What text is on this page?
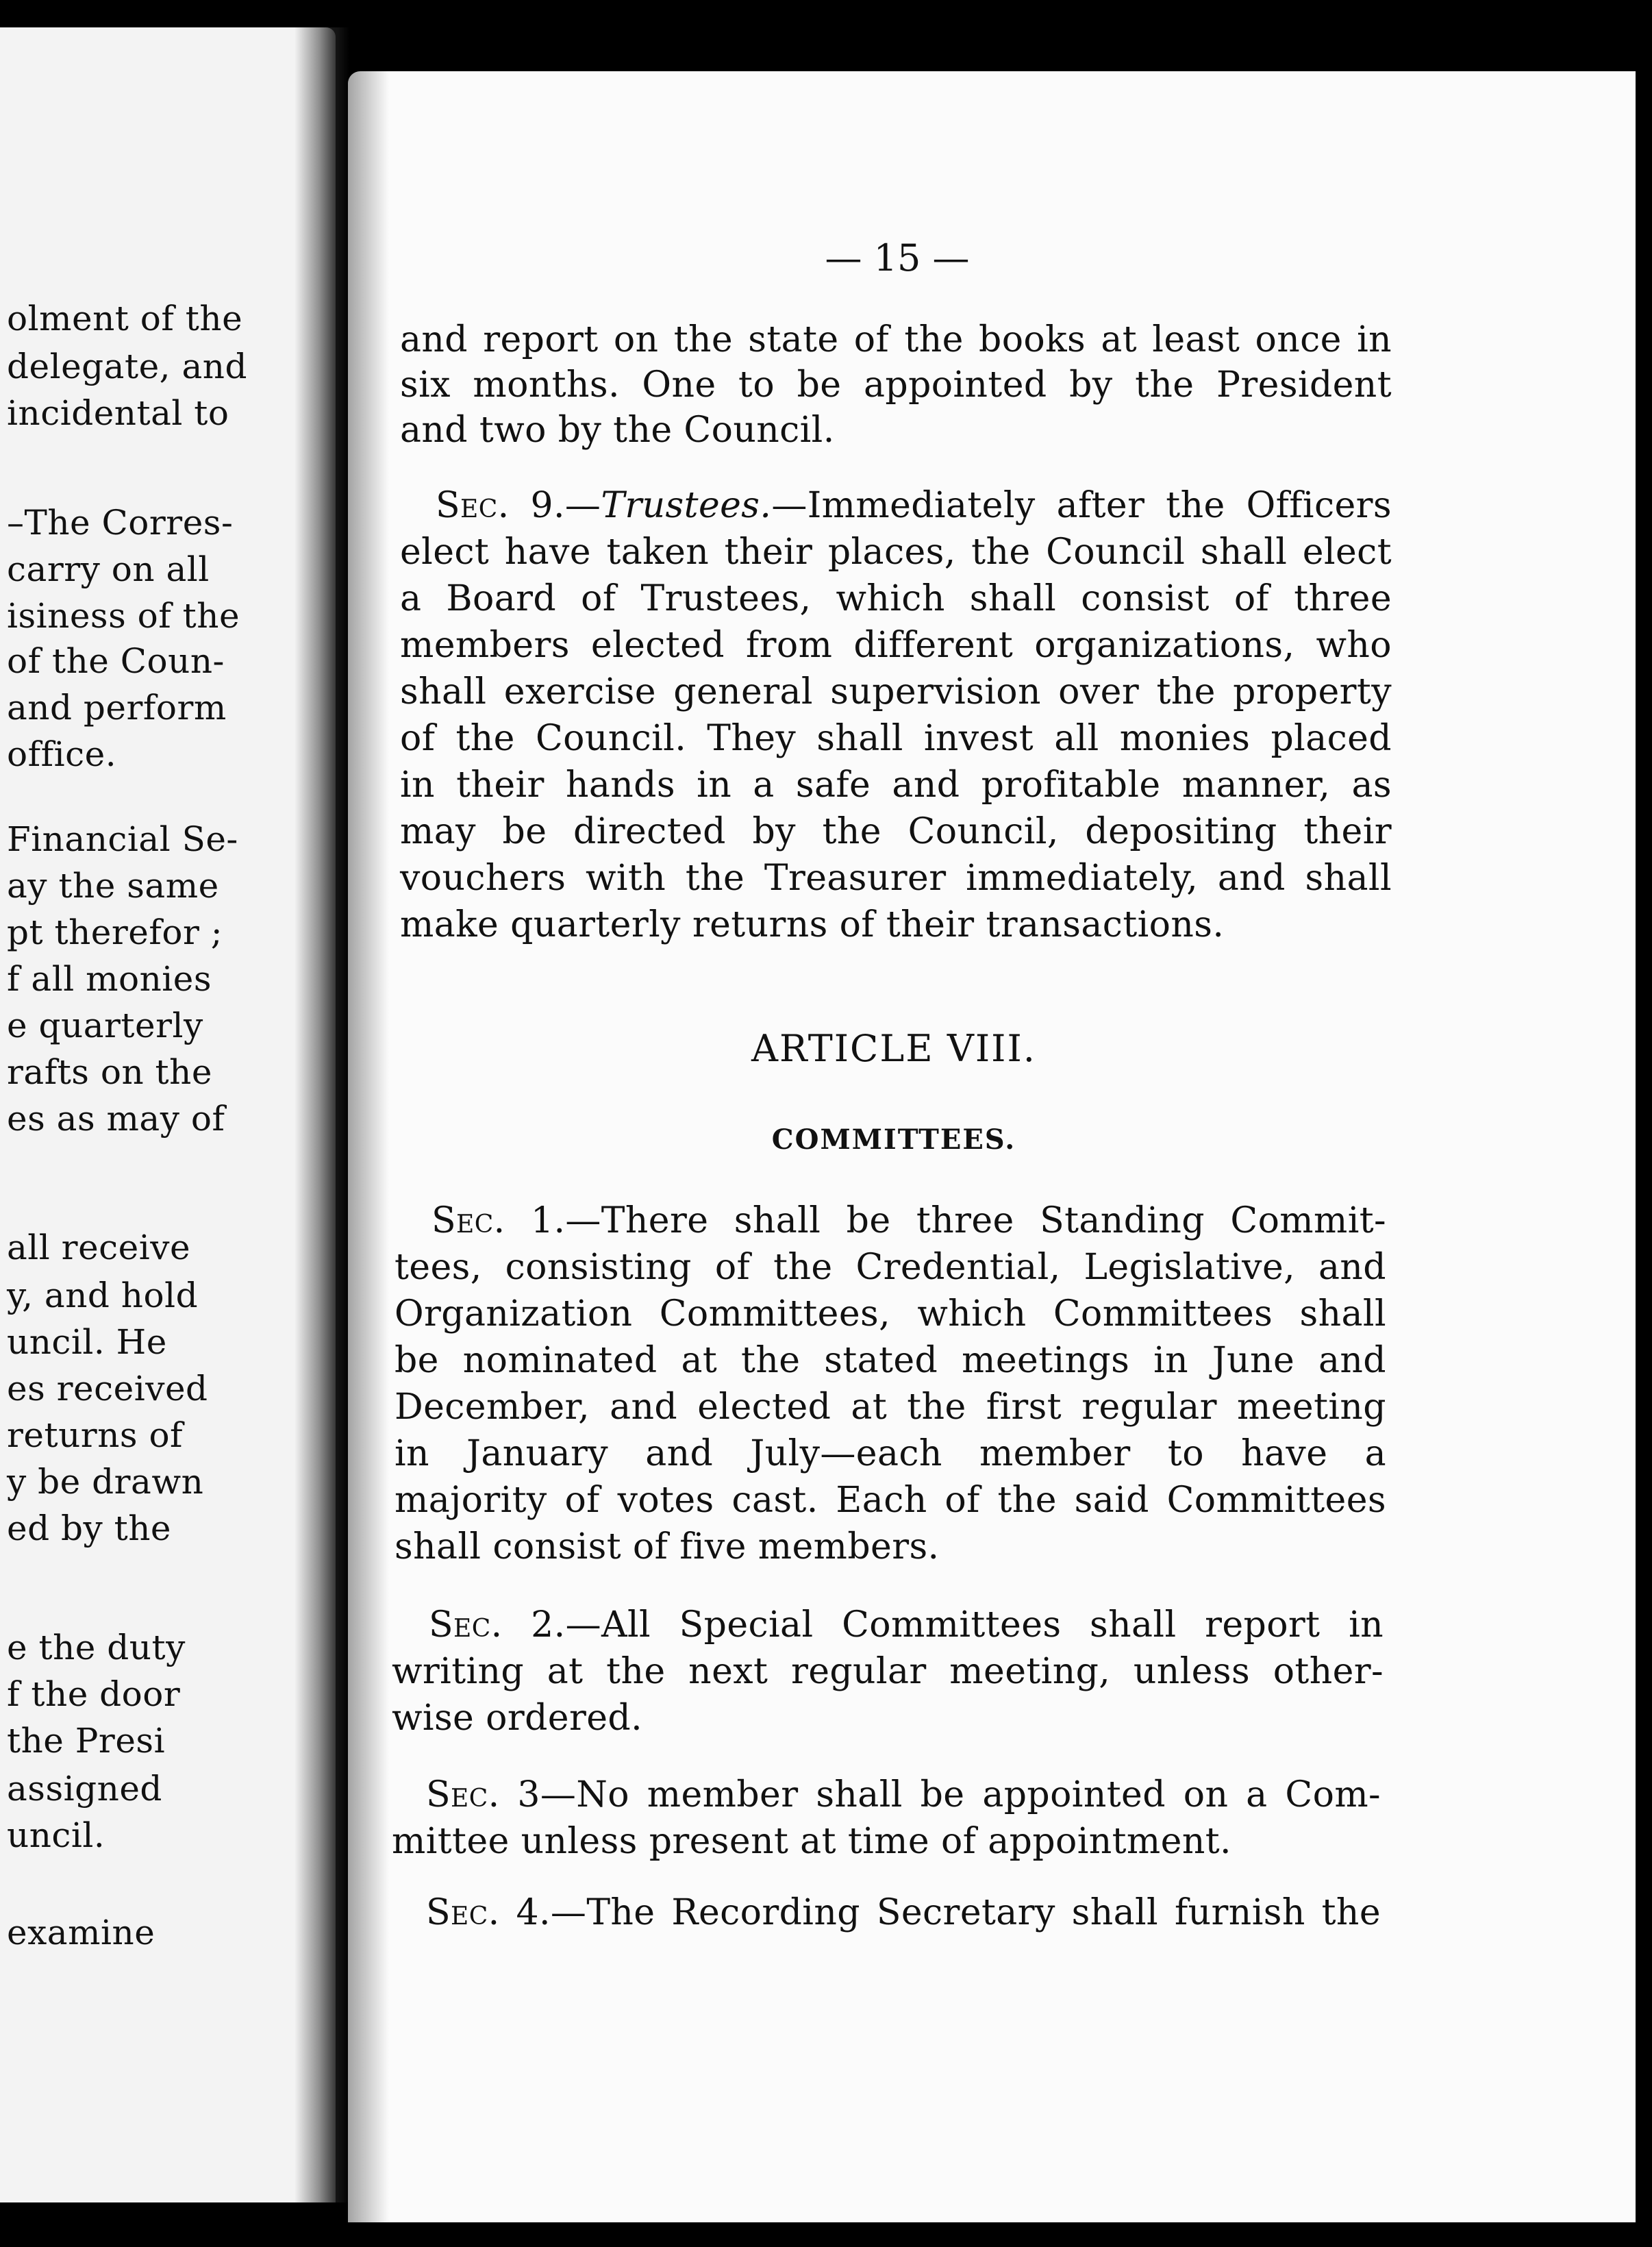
olment of the
delegate, and
incidental to
–The Corres-
carry on all
isiness of the
of the Coun-
and perform
office.
Financial Se-
ay the same
pt therefor ;
f all monies
e quarterly
rafts on the
es as may of
all receive
y, and hold
uncil. He
es received
returns of
y be drawn
ed by the
e the duty
f the door
the Presi
assigned
uncil.
examine
— 15 —
and report on the state of the books at least once in
six months. One to be appointed by the President
and two by the Council.
Sec. 9.—Trustees.—Immediately after the Officers
elect have taken their places, the Council shall elect
a Board of Trustees, which shall consist of three
members elected from different organizations, who
shall exercise general supervision over the property
of the Council. They shall invest all monies placed
in their hands in a safe and profitable manner, as
may be directed by the Council, depositing their
vouchers with the Treasurer immediately, and shall
make quarterly returns of their transactions.
ARTICLE VIII.
COMMITTEES.
Sec. 1.—There shall be three Standing Commit-
tees, consisting of the Credential, Legislative, and
Organization Committees, which Committees shall
be nominated at the stated meetings in June and
December, and elected at the first regular meeting
in January and July—each member to have a
majority of votes cast. Each of the said Committees
shall consist of five members.
Sec. 2.—All Special Committees shall report in
writing at the next regular meeting, unless other-
wise ordered.
Sec. 3—No member shall be appointed on a Com-
mittee unless present at time of appointment.
Sec. 4.—The Recording Secretary shall furnish the
